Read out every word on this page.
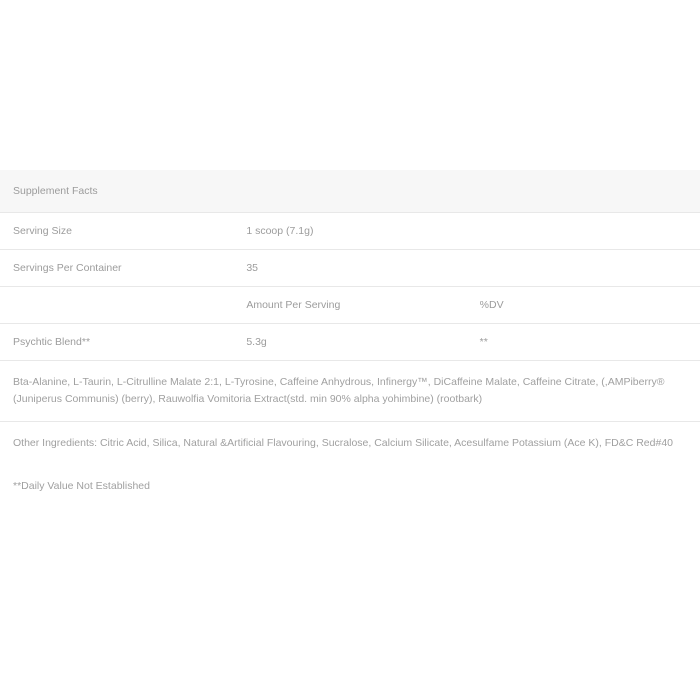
Supplement Facts		
Serving Size	1 scoop (7.1g)	
Servings Per Container	35	
	Amount Per Serving	%DV
Psychtic Blend**	5.3g	**
Bta-Alanine, L-Taurin, L-Citrulline Malate 2:1, L-Tyrosine, Caffeine Anhydrous, Infinergy™, DiCaffeine Malate, Caffeine Citrate, (,AMPiberry® (Juniperus Communis) (berry), Rauwolfia Vomitoria Extract(std. min 90% alpha yohimbine) (rootbark)
Other Ingredients: Citric Acid, Silica, Natural &Artificial Flavouring, Sucralose, Calcium Silicate, Acesulfame Potassium (Ace K), FD&C Red#40
**Daily Value Not Established
